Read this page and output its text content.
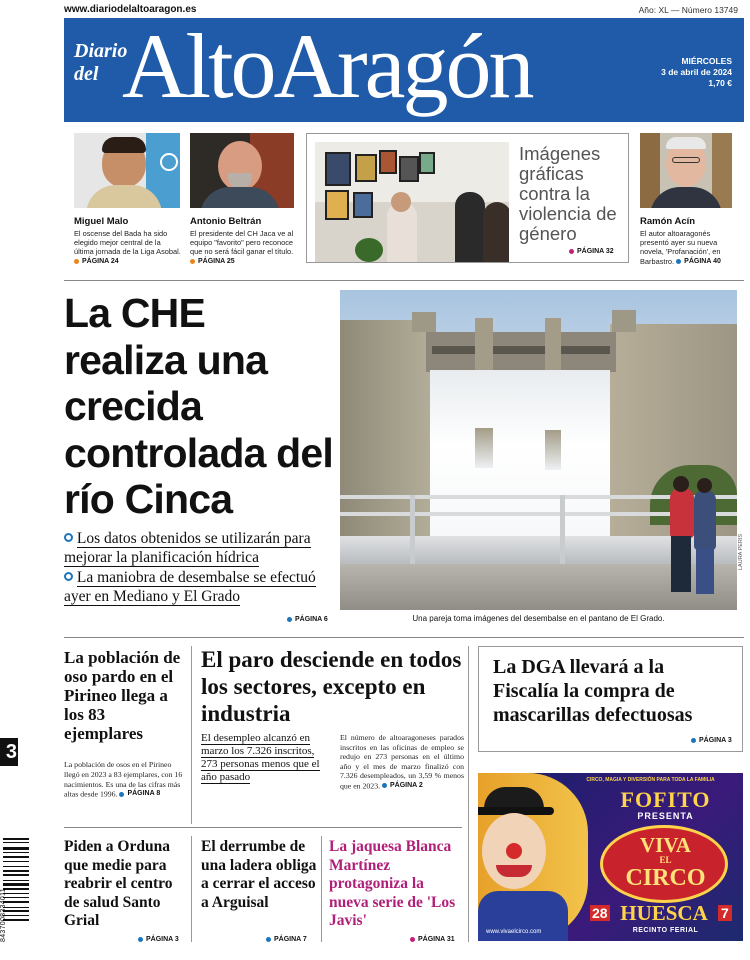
www.diariodelaltoaragon.es	Año: XL — Número 13749
Diario
del AltoAragón	MIÉRCOLES
3 de abril de 2024
1,70 €
Miguel Malo
El oscense del Bada ha sido elegido mejor central de la última jornada de la Liga Asobal.
PÁGINA 24
Antonio Beltrán
El presidente del CH Jaca ve al equipo "favorito" pero reconoce que no será fácil ganar el título.
PÁGINA 25
Imágenes gráficas contra la violencia de género
PÁGINA 32
Ramón Acín
El autor altoaragonés presentó ayer su nueva novela, 'Profanación', en Barbastro. PÁGINA 40
La CHE realiza una crecida controlada del río Cinca
Los datos obtenidos se utilizarán para mejorar la planificación hídrica
La maniobra de desembalse se efectuó ayer en Mediano y El Grado
PÁGINA 6
LAURA PERIS
Una pareja toma imágenes del desembalse en el pantano de El Grado.
La población de oso pardo en el Pirineo llega a los 83 ejemplares
La población de osos en el Pirineo llegó en 2023 a 83 ejemplares, con 16 nacimientos. Es una de las cifras más altas desde 1996. PÁGINA 8
El paro desciende en todos los sectores, excepto en industria
El desempleo alcanzó en marzo los 7.326 inscritos, 273 personas menos que el año pasado
El número de altoaragoneses parados inscritos en las oficinas de empleo se redujo en 273 personas en el último año y el mes de marzo finalizó con 7.326 desempleados, un 3,59 % menos que en 2023. PÁGINA 2
La DGA llevará a la Fiscalía la compra de mascarillas defectuosas
PÁGINA 3
CIRCO, MAGIA Y DIVERSIÓN PARA TODA LA FAMILIA
www.vivaelcirco.com
FOFITO
PRESENTA
VIVA
EL
CIRCO
28 HUESCA 7
RECINTO FERIAL
Piden a Orduna que medie para reabrir el centro de salud Santo Grial
PÁGINA 3
El derrumbe de una ladera obliga a cerrar el acceso a Arguisal
PÁGINA 7
La jaquesa Blanca Martínez protagoniza la nueva serie de 'Los Javis'
PÁGINA 31
3
8437008334011
